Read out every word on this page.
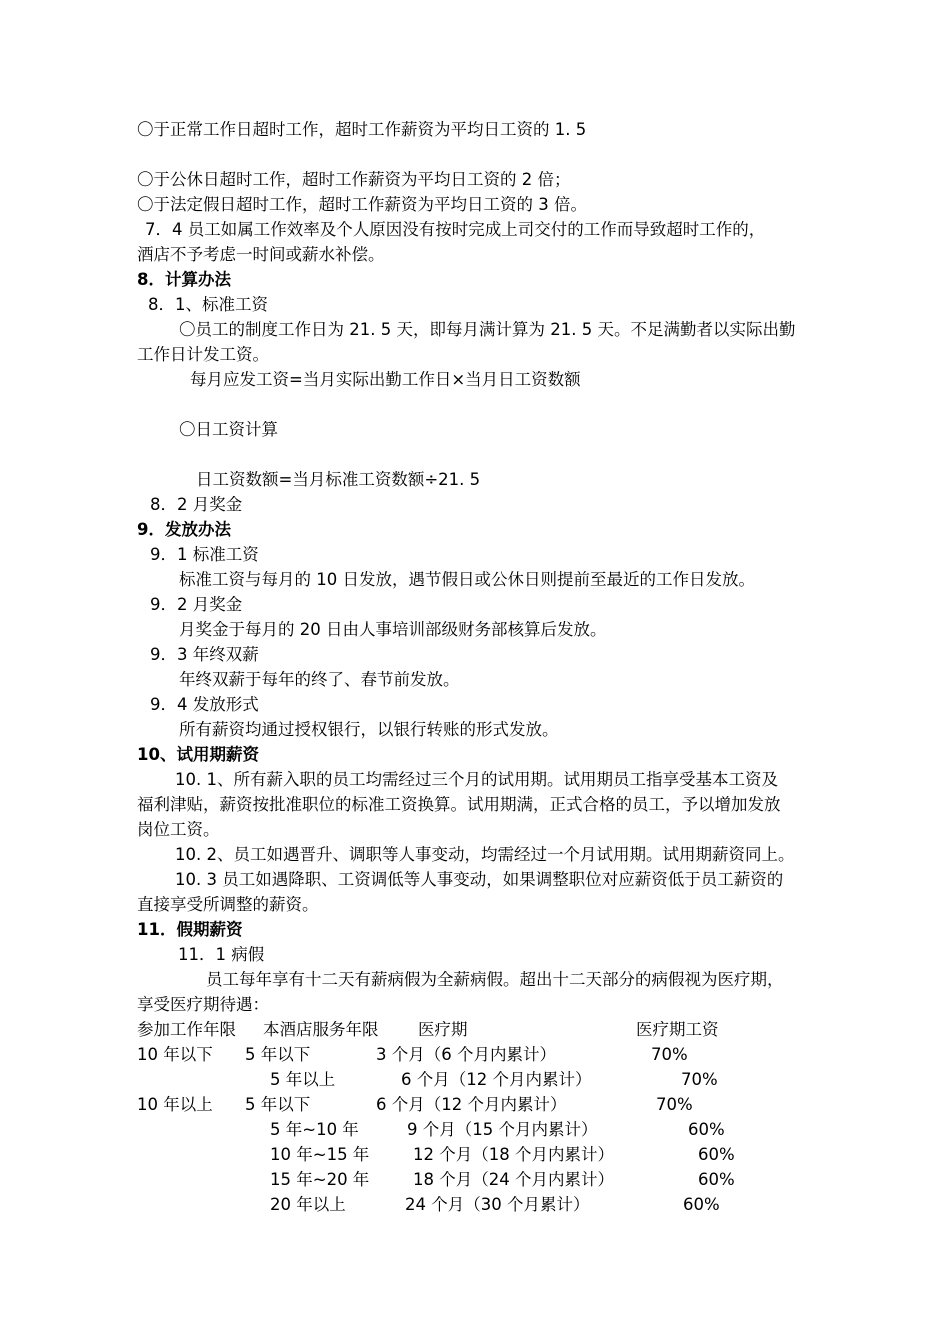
〇于正常工作日超时工作，超时工作薪资为平均日工资的 1. 5
〇于公休日超时工作，超时工作薪资为平均日工资的 2 倍；
〇于法定假日超时工作，超时工作薪资为平均日工资的 3 倍。
7．4 员工如属工作效率及个人原因没有按时完成上司交付的工作而导致超时工作的，
酒店不予考虑一时间或薪水补偿。
8．计算办法
8．1、标准工资
〇员工的制度工作日为 21. 5 天，即每月满计算为 21. 5 天。不足满勤者以实际出勤
工作日计发工资。
每月应发工资=当月实际出勤工作日×当月日工资数额
〇日工资计算
日工资数额=当月标准工资数额÷21. 5
8．2 月奖金
9．发放办法
9．1 标准工资
标准工资与每月的 10 日发放，遇节假日或公休日则提前至最近的工作日发放。
9．2 月奖金
月奖金于每月的 20 日由人事培训部级财务部核算后发放。
9．3 年终双薪
年终双薪于每年的终了、春节前发放。
9．4 发放形式
所有薪资均通过授权银行，以银行转账的形式发放。
10、试用期薪资
10. 1、所有薪入职的员工均需经过三个月的试用期。试用期员工指享受基本工资及
福利津贴，薪资按批准职位的标准工资换算。试用期满，正式合格的员工，予以增加发放
岗位工资。
10. 2、员工如遇晋升、调职等人事变动，均需经过一个月试用期。试用期薪资同上。
10. 3 员工如遇降职、工资调低等人事变动，如果调整职位对应薪资低于员工薪资的
直接享受所调整的薪资。
11．假期薪资
11．1 病假
员工每年享有十二天有薪病假为全薪病假。超出十二天部分的病假视为医疗期，
享受医疗期待遇：
参加工作年限 本酒店服务年限 医疗期	医疗期工资
10 年以下 5 年以下	3 个月（6 个月内累计）	70%
5 年以上	6 个月（12 个月内累计）	70%
10 年以上 5 年以下	6 个月（12 个月内累计）	70%
5 年~10 年	9 个月（15 个月内累计）	60%
10 年~15 年	12 个月（18 个月内累计）	60%
15 年~20 年	18 个月（24 个月内累计）	60%
20 年以上	24 个月（30 个月累计）	60%
